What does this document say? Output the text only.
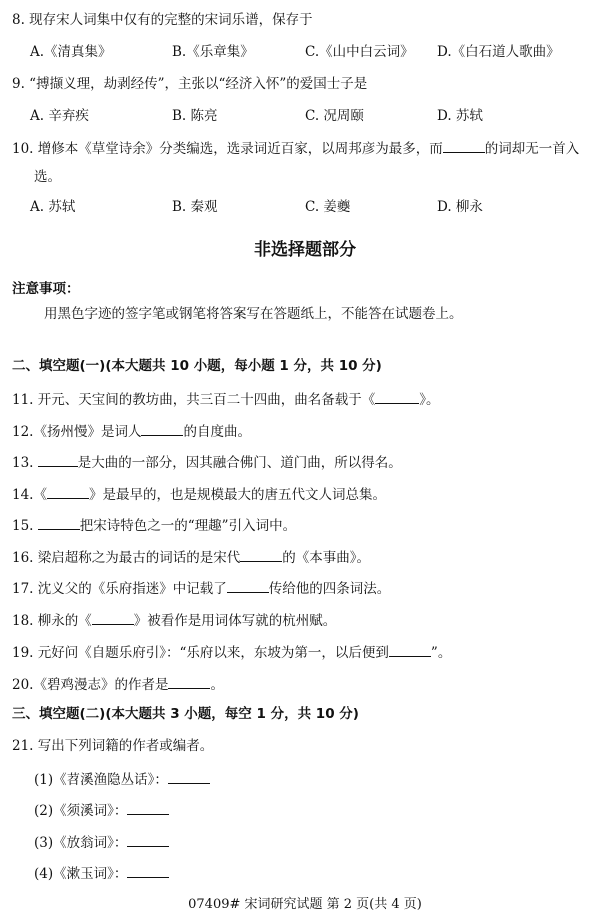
8. 现存宋人词集中仅有的完整的宋词乐谱，保存于
A.《清真集》	B.《乐章集》	C.《山中白云词》 D.《白石道人歌曲》
9. “搏撷义理，劫剥经传”，主张以“经济入怀”的爱国士子是
A. 辛弃疾	B. 陈亮	C. 况周颐	D. 苏轼
10. 增修本《草堂诗余》分类编选，选录词近百家，以周邦彦为最多，而	的词却无一首入
选。
A. 苏轼	B. 秦观	C. 姜夔	D. 柳永
非选择题部分
注意事项：
用黑色字迹的签字笔或钢笔将答案写在答题纸上，不能答在试题卷上。
二、填空题(一)(本大题共 10 小题，每小题 1 分，共 10 分)
11. 开元、天宝间的教坊曲，共三百二十四曲，曲名备载于《	》。
12.《扬州慢》是词人	的自度曲。
13.	是大曲的一部分，因其融合佛门、道门曲，所以得名。
14.《	》是最早的，也是规模最大的唐五代文人词总集。
15.	把宋诗特色之一的“理趣”引入词中。
16. 梁启超称之为最古的词话的是宋代	的《本事曲》。
17. 沈义父的《乐府指迷》中记载了	传给他的四条词法。
18. 柳永的《	》被看作是用词体写就的杭州赋。
19. 元好问《自题乐府引》：“乐府以来，东坡为第一，以后便到	”。
20.《碧鸡漫志》的作者是	。
三、填空题(二)(本大题共 3 小题，每空 1 分，共 10 分)
21. 写出下列词籍的作者或编者。
(1)《苕溪渔隐丛话》：
(2)《须溪词》：
(3)《放翁词》：
(4)《漱玉词》：
07409# 宋词研究试题 第 2 页(共 4 页)
